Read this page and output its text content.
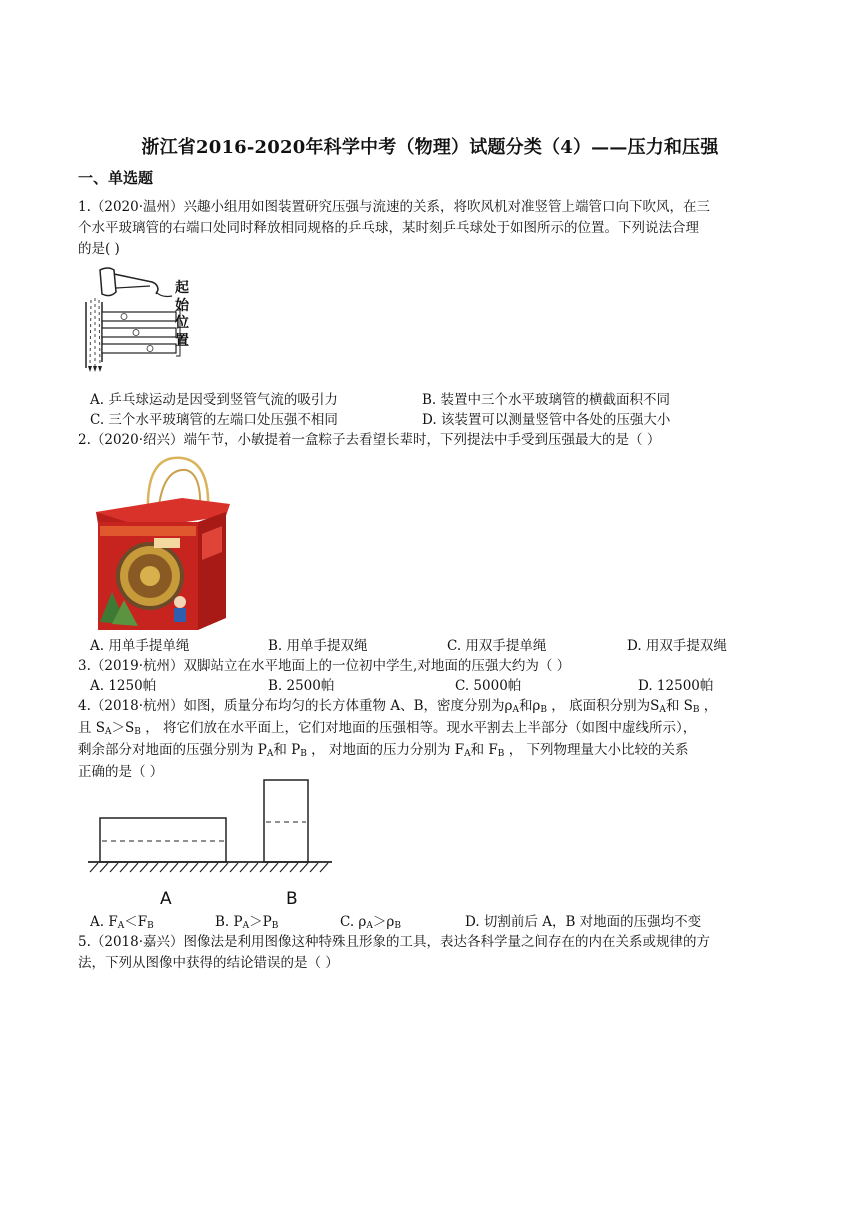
浙江省2016-2020年科学中考（物理）试题分类（4）——压力和压强
一、单选题
1.（2020·温州）兴趣小组用如图装置研究压强与流速的关系，将吹风机对准竖管上端管口向下吹风，在三
个水平玻璃管的右端口处同时释放相同规格的乒乓球，某时刻乒乓球处于如图所示的位置。下列说法合理
的是( )
起
始
位
置
A. 乒乓球运动是因受到竖管气流的吸引力	B. 装置中三个水平玻璃管的横截面积不同
C. 三个水平玻璃管的左端口处压强不相同	D. 该装置可以测量竖管中各处的压强大小
2.（2020·绍兴）端午节，小敏提着一盒粽子去看望长辈时，下列提法中手受到压强最大的是（ ）
A. 用单手提单绳	B. 用单手提双绳	C. 用双手提单绳	D. 用双手提双绳
3.（2019·杭州）双脚站立在水平地面上的一位初中学生,对地面的压强大约为（ ）
A. 1250帕	B. 2500帕	C. 5000帕	D. 12500帕
4.（2018·杭州）如图，质量分布均匀的长方体重物 A、B，密度分别为$\rho_A$和$\rho_B$ ， 底面积分别为$S_A$和 $S_B$ ，
且 $S_A>S_B$ ， 将它们放在水平面上，它们对地面的压强相等。现水平割去上半部分（如图中虚线所示），
剩余部分对地面的压强分别为 $P_A$和 $P_B$ ， 对地面的压力分别为 $F_A$和 $F_B$ ， 下列物理量大小比较的关系
正确的是（ ）
A	B
A. $F_A<F_B$	B. $P_A>P_B$	C. $\rho_A>\rho_B$	D. 切割前后 A，B 对地面的压强均不变
5.（2018·嘉兴）图像法是利用图像这种特殊且形象的工具，表达各科学量之间存在的内在关系或规律的方
法，下列从图像中获得的结论错误的是（ ）
